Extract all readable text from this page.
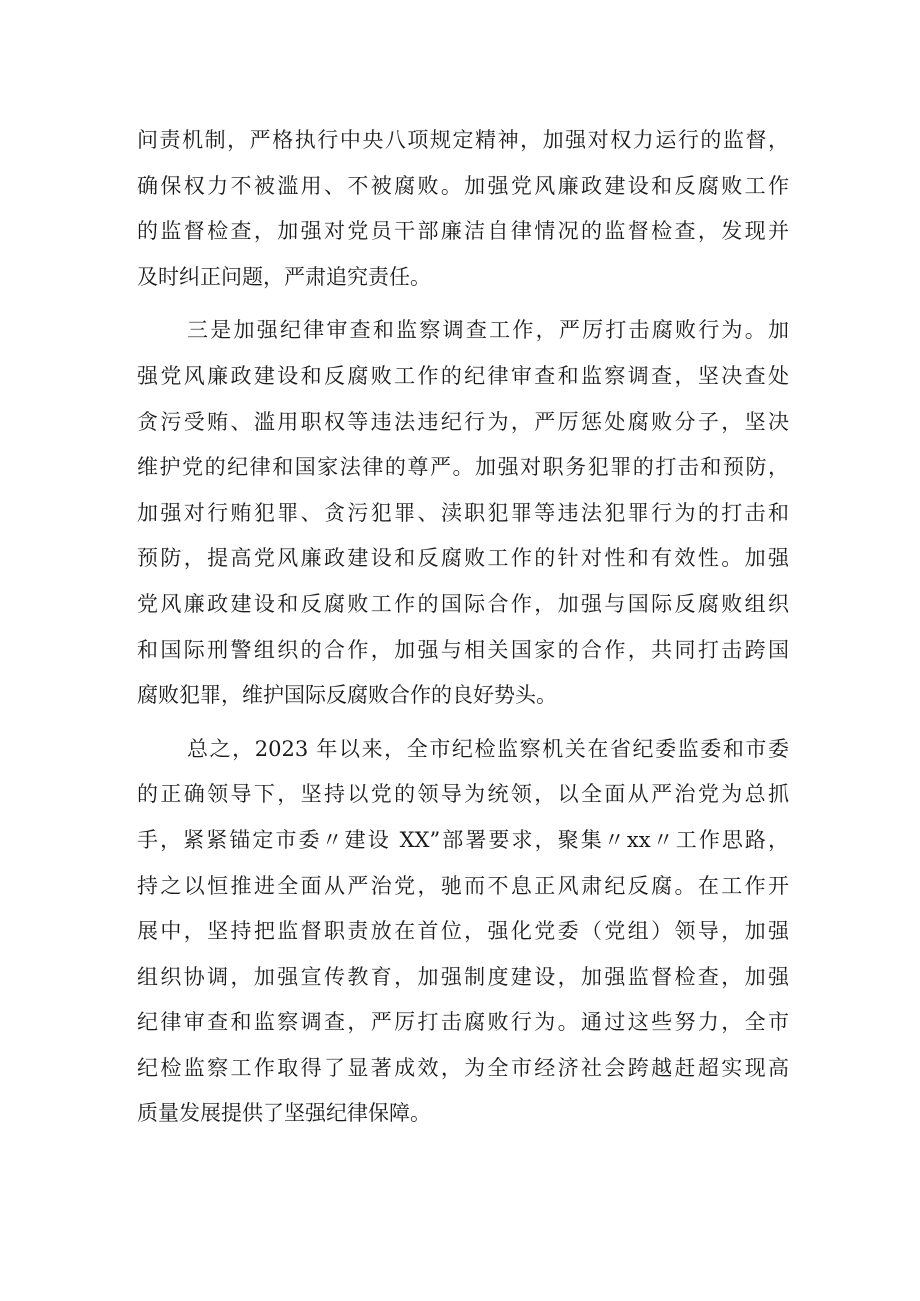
问责机制，严格执行中央八项规定精神，加强对权力运行的监督，
确保权力不被滥用、不被腐败。加强党风廉政建设和反腐败工作
的监督检查，加强对党员干部廉洁自律情况的监督检查，发现并
及时纠正问题，严肃追究责任。
三是加强纪律审查和监察调查工作，严厉打击腐败行为。加
强党风廉政建设和反腐败工作的纪律审查和监察调查，坚决查处
贪污受贿、滥用职权等违法违纪行为，严厉惩处腐败分子，坚决
维护党的纪律和国家法律的尊严。加强对职务犯罪的打击和预防，
加强对行贿犯罪、贪污犯罪、渎职犯罪等违法犯罪行为的打击和
预防，提高党风廉政建设和反腐败工作的针对性和有效性。加强
党风廉政建设和反腐败工作的国际合作，加强与国际反腐败组织
和国际刑警组织的合作，加强与相关国家的合作，共同打击跨国
腐败犯罪，维护国际反腐败合作的良好势头。
总之，2023 年以来，全市纪检监察机关在省纪委监委和市委
的正确领导下，坚持以党的领导为统领，以全面从严治党为总抓
手，紧紧锚定市委〃建设 XX”部署要求，聚集〃xx〃工作思路，
持之以恒推进全面从严治党，驰而不息正风肃纪反腐。在工作开
展中，坚持把监督职责放在首位，强化党委（党组）领导，加强
组织协调，加强宣传教育，加强制度建设，加强监督检查，加强
纪律审查和监察调查，严厉打击腐败行为。通过这些努力，全市
纪检监察工作取得了显著成效，为全市经济社会跨越赶超实现高
质量发展提供了坚强纪律保障。
